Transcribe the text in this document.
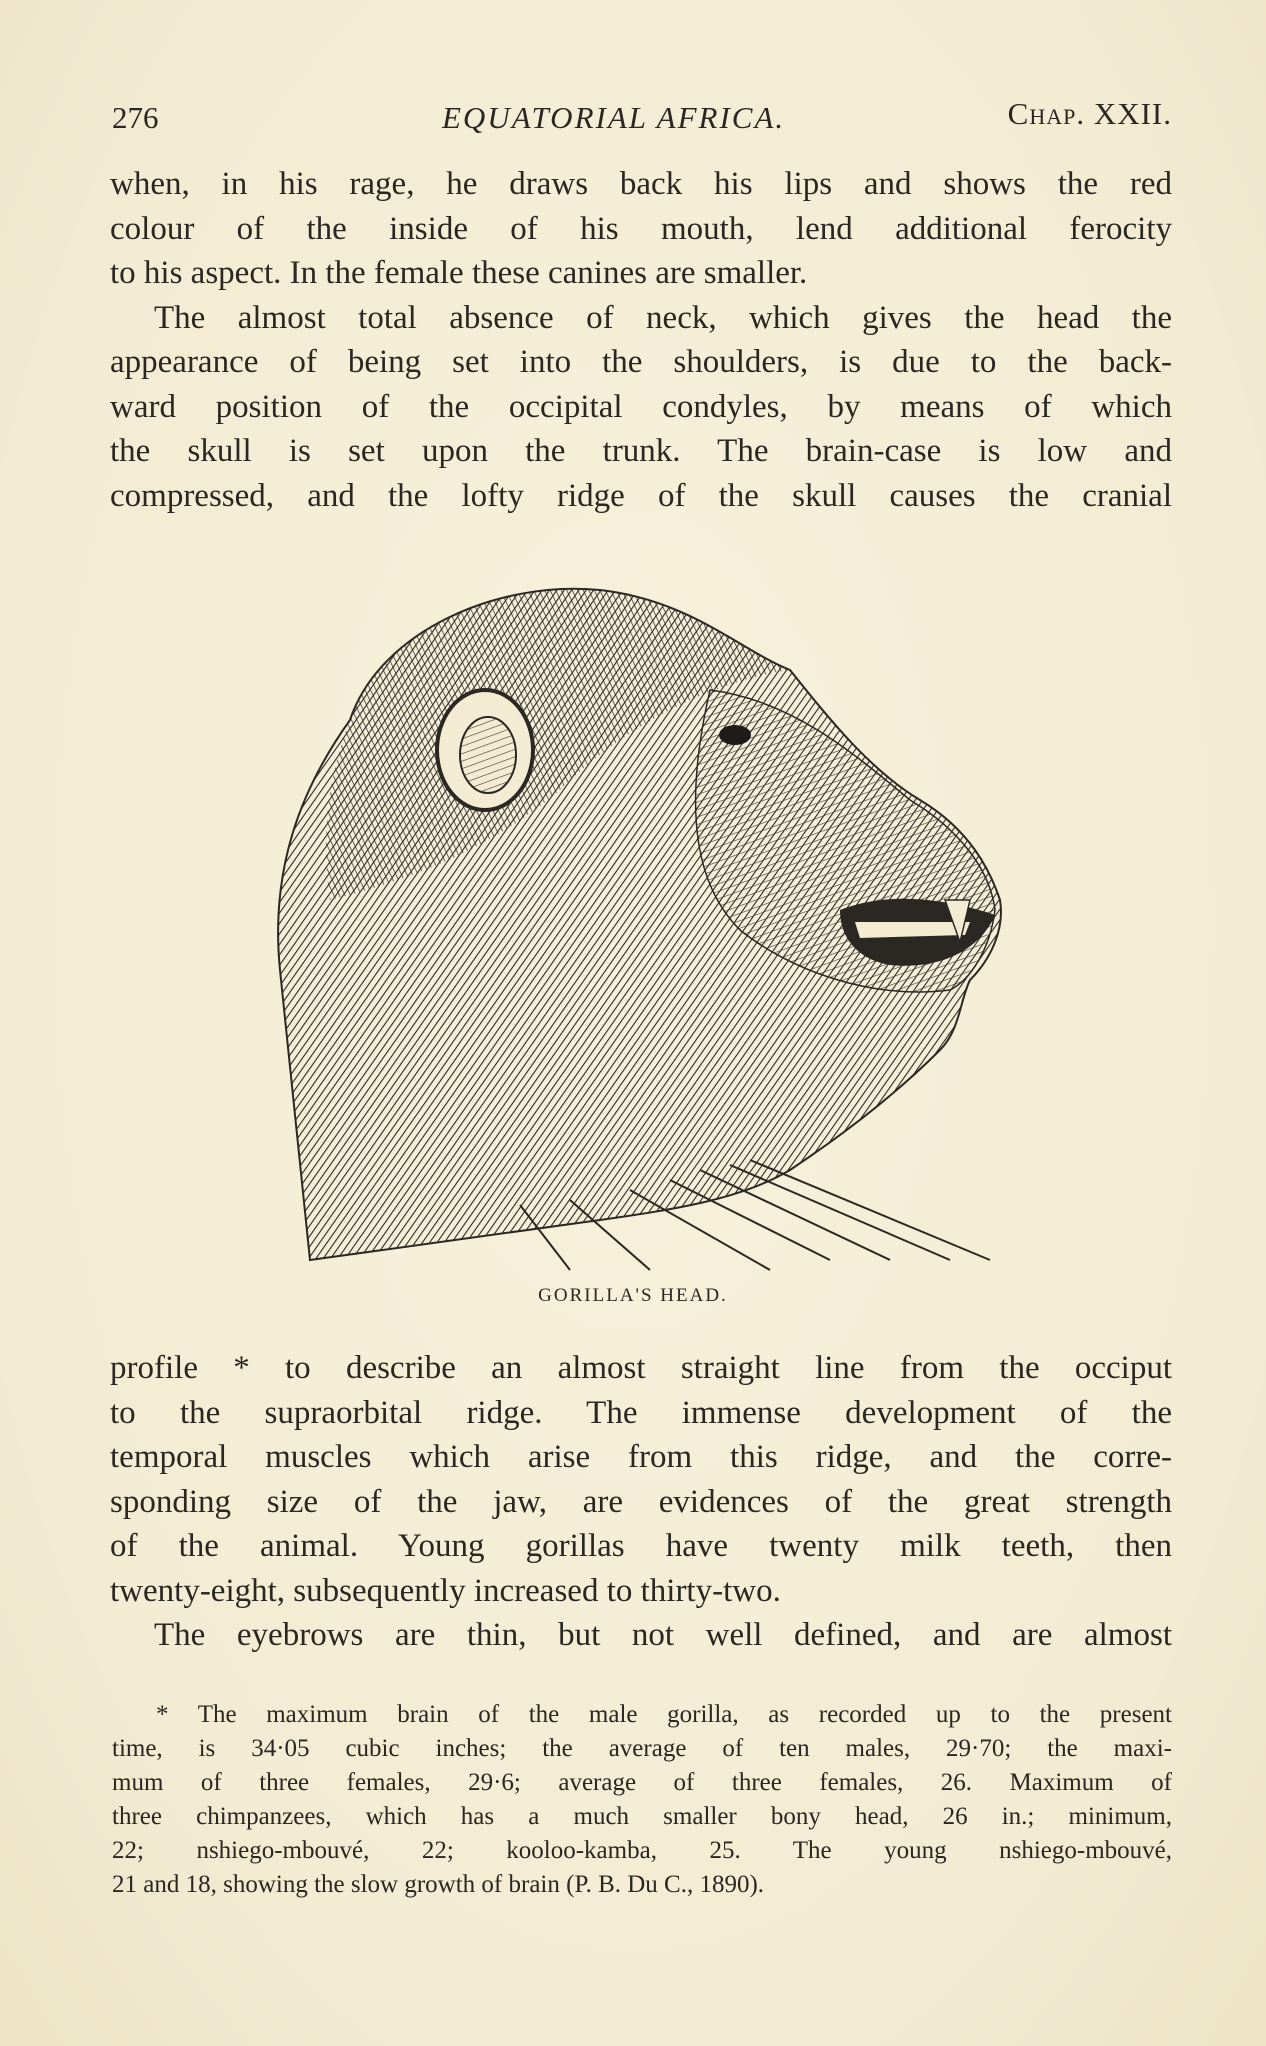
276	EQUATORIAL AFRICA.	Chap. XXII.
when, in his rage, he draws back his lips and shows the red
colour of the inside of his mouth, lend additional ferocity
to his aspect. In the female these canines are smaller.
The almost total absence of neck, which gives the head the
appearance of being set into the shoulders, is due to the back-
ward position of the occipital condyles, by means of which
the skull is set upon the trunk. The brain-case is low and
compressed, and the lofty ridge of the skull causes the cranial
GORILLA'S HEAD.
profile * to describe an almost straight line from the occiput
to the supraorbital ridge. The immense development of the
temporal muscles which arise from this ridge, and the corre-
sponding size of the jaw, are evidences of the great strength
of the animal. Young gorillas have twenty milk teeth, then
twenty-eight, subsequently increased to thirty-two.
The eyebrows are thin, but not well defined, and are almost
* The maximum brain of the male gorilla, as recorded up to the present
time, is 34·05 cubic inches; the average of ten males, 29·70; the maxi-
mum of three females, 29·6; average of three females, 26. Maximum of
three chimpanzees, which has a much smaller bony head, 26 in.; minimum,
22; nshiego-mbouvé, 22; kooloo-kamba, 25. The young nshiego-mbouvé,
21 and 18, showing the slow growth of brain (P. B. Du C., 1890).
